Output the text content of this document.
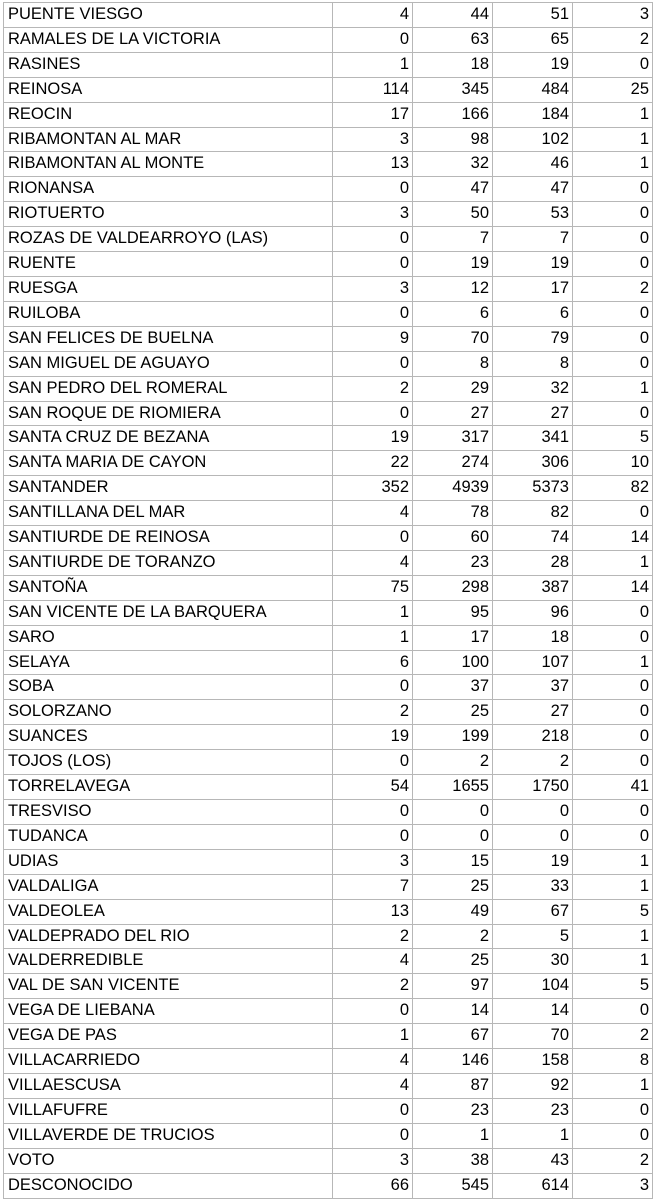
PUENTE VIESGO	4	44	51	3
RAMALES DE LA VICTORIA	0	63	65	2
RASINES	1	18	19	0
REINOSA	114	345	484	25
REOCIN	17	166	184	1
RIBAMONTAN AL MAR	3	98	102	1
RIBAMONTAN AL MONTE	13	32	46	1
RIONANSA	0	47	47	0
RIOTUERTO	3	50	53	0
ROZAS DE VALDEARROYO (LAS)	0	7	7	0
RUENTE	0	19	19	0
RUESGA	3	12	17	2
RUILOBA	0	6	6	0
SAN FELICES DE BUELNA	9	70	79	0
SAN MIGUEL DE AGUAYO	0	8	8	0
SAN PEDRO DEL ROMERAL	2	29	32	1
SAN ROQUE DE RIOMIERA	0	27	27	0
SANTA CRUZ DE BEZANA	19	317	341	5
SANTA MARIA DE CAYON	22	274	306	10
SANTANDER	352	4939	5373	82
SANTILLANA DEL MAR	4	78	82	0
SANTIURDE DE REINOSA	0	60	74	14
SANTIURDE DE TORANZO	4	23	28	1
SANTOÑA	75	298	387	14
SAN VICENTE DE LA BARQUERA	1	95	96	0
SARO	1	17	18	0
SELAYA	6	100	107	1
SOBA	0	37	37	0
SOLORZANO	2	25	27	0
SUANCES	19	199	218	0
TOJOS (LOS)	0	2	2	0
TORRELAVEGA	54	1655	1750	41
TRESVISO	0	0	0	0
TUDANCA	0	0	0	0
UDIAS	3	15	19	1
VALDALIGA	7	25	33	1
VALDEOLEA	13	49	67	5
VALDEPRADO DEL RIO	2	2	5	1
VALDERREDIBLE	4	25	30	1
VAL DE SAN VICENTE	2	97	104	5
VEGA DE LIEBANA	0	14	14	0
VEGA DE PAS	1	67	70	2
VILLACARRIEDO	4	146	158	8
VILLAESCUSA	4	87	92	1
VILLAFUFRE	0	23	23	0
VILLAVERDE DE TRUCIOS	0	1	1	0
VOTO	3	38	43	2
DESCONOCIDO	66	545	614	3
